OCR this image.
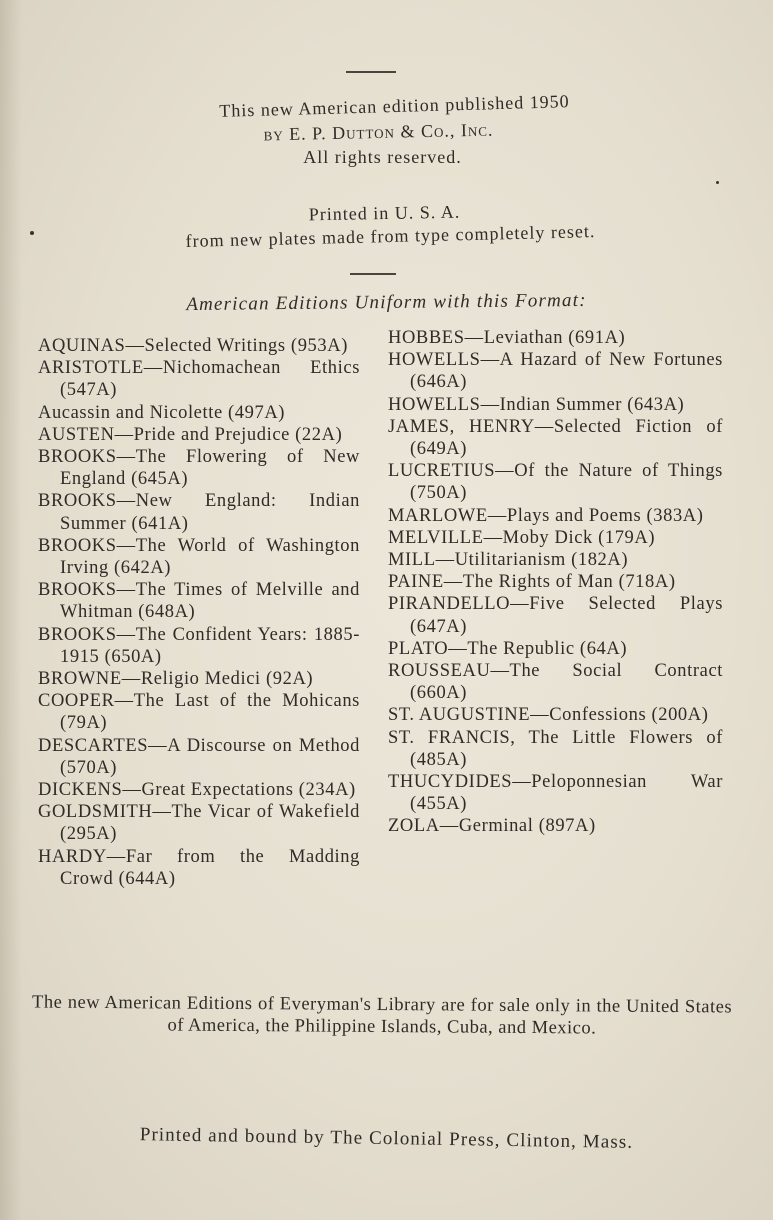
This new American edition published 1950
by E. P. Dutton & Co., Inc.
All rights reserved.
Printed in U. S. A.
from new plates made from type completely reset.
American Editions Uniform with this Format:
AQUINAS—Selected Writings (953A)
ARISTOTLE—Nichomachean Ethics (547A)
Aucassin and Nicolette (497A)
AUSTEN—Pride and Prejudice (22A)
BROOKS—The Flowering of New England (645A)
BROOKS—New England: Indian Summer (641A)
BROOKS—The World of Washington Irving (642A)
BROOKS—The Times of Melville and Whitman (648A)
BROOKS—The Confident Years: 1885-1915 (650A)
BROWNE—Religio Medici (92A)
COOPER—The Last of the Mohicans (79A)
DESCARTES—A Discourse on Method (570A)
DICKENS—Great Expectations (234A)
GOLDSMITH—The Vicar of Wakefield (295A)
HARDY—Far from the Madding Crowd (644A)
HOBBES—Leviathan (691A)
HOWELLS—A Hazard of New Fortunes (646A)
HOWELLS—Indian Summer (643A)
JAMES, HENRY—Selected Fiction of (649A)
LUCRETIUS—Of the Nature of Things (750A)
MARLOWE—Plays and Poems (383A)
MELVILLE—Moby Dick (179A)
MILL—Utilitarianism (182A)
PAINE—The Rights of Man (718A)
PIRANDELLO—Five Selected Plays (647A)
PLATO—The Republic (64A)
ROUSSEAU—The Social Contract (660A)
ST. AUGUSTINE—Confessions (200A)
ST. FRANCIS, The Little Flowers of (485A)
THUCYDIDES—Peloponnesian War (455A)
ZOLA—Germinal (897A)
The new American Editions of Everyman's Library are for sale only in the United States of America, the Philippine Islands, Cuba, and Mexico.
Printed and bound by The Colonial Press, Clinton, Mass.
